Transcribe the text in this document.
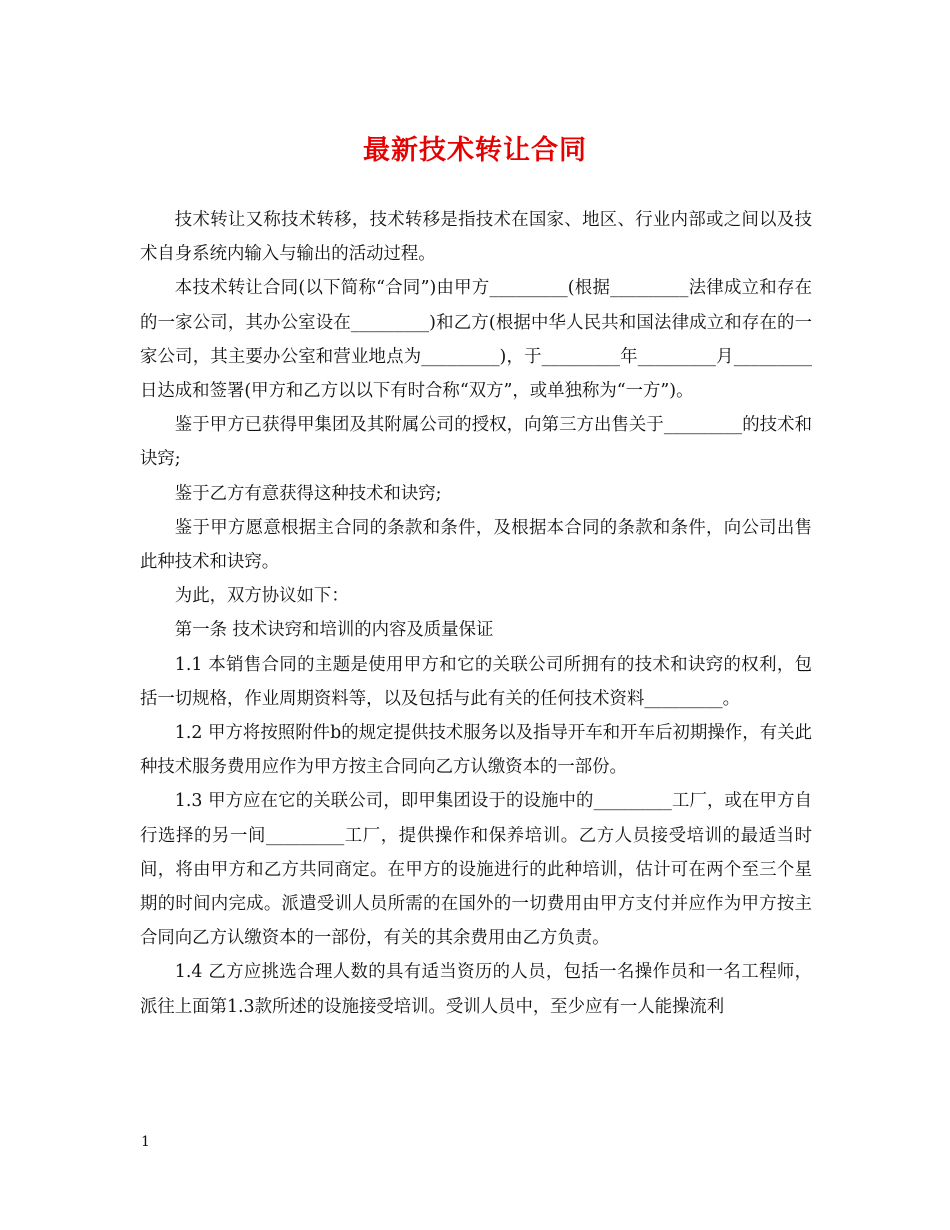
最新技术转让合同

技术转让又称技术转移，技术转移是指技术在国家、地区、行业内部或之间以及技术自身系统内输入与输出的活动过程。

本技术转让合同(以下简称“合同”)由甲方_________(根据_________法律成立和存在的一家公司，其办公室设在_________)和乙方(根据中华人民共和国法律成立和存在的一家公司，其主要办公室和营业地点为_________)，于_________年_________月_________日达成和签署(甲方和乙方以以下有时合称“双方”，或单独称为“一方”)。

鉴于甲方已获得甲集团及其附属公司的授权，向第三方出售关于_________的技术和诀窍;

鉴于乙方有意获得这种技术和诀窍;

鉴于甲方愿意根据主合同的条款和条件，及根据本合同的条款和条件，向公司出售此种技术和诀窍。

为此，双方协议如下：

第一条 技术诀窍和培训的内容及质量保证

1.1 本销售合同的主题是使用甲方和它的关联公司所拥有的技术和诀窍的权利，包括一切规格，作业周期资料等，以及包括与此有关的任何技术资料_________。

1.2 甲方将按照附件b的规定提供技术服务以及指导开车和开车后初期操作，有关此种技术服务费用应作为甲方按主合同向乙方认缴资本的一部份。

1.3 甲方应在它的关联公司，即甲集团设于的设施中的_________工厂，或在甲方自行选择的另一间_________工厂，提供操作和保养培训。乙方人员接受培训的最适当时间，将由甲方和乙方共同商定。在甲方的设施进行的此种培训，估计可在两个至三个星期的时间内完成。派遣受训人员所需的在国外的一切费用由甲方支付并应作为甲方按主合同向乙方认缴资本的一部份，有关的其余费用由乙方负责。

1.4 乙方应挑选合理人数的具有适当资历的人员，包括一名操作员和一名工程师，派往上面第1.3款所述的设施接受培训。受训人员中，至少应有一人能操流利

1
